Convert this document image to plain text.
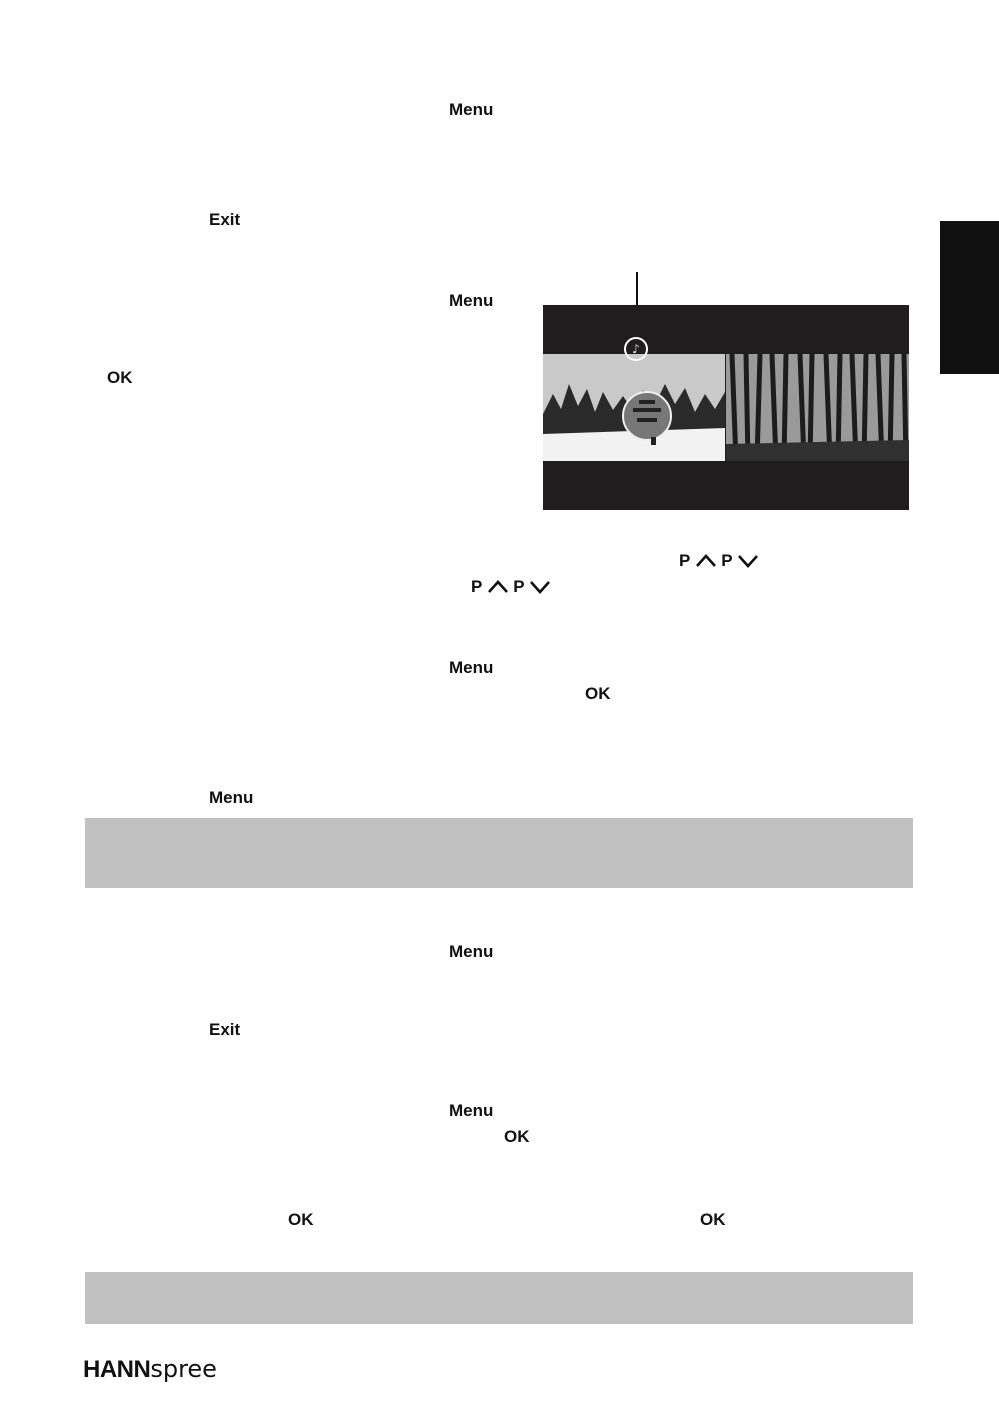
Menu
Exit
Menu
OK
♪
P P
P P
Menu
OK
Menu
Menu
Exit
Menu
OK
OK	OK
HANNspree
